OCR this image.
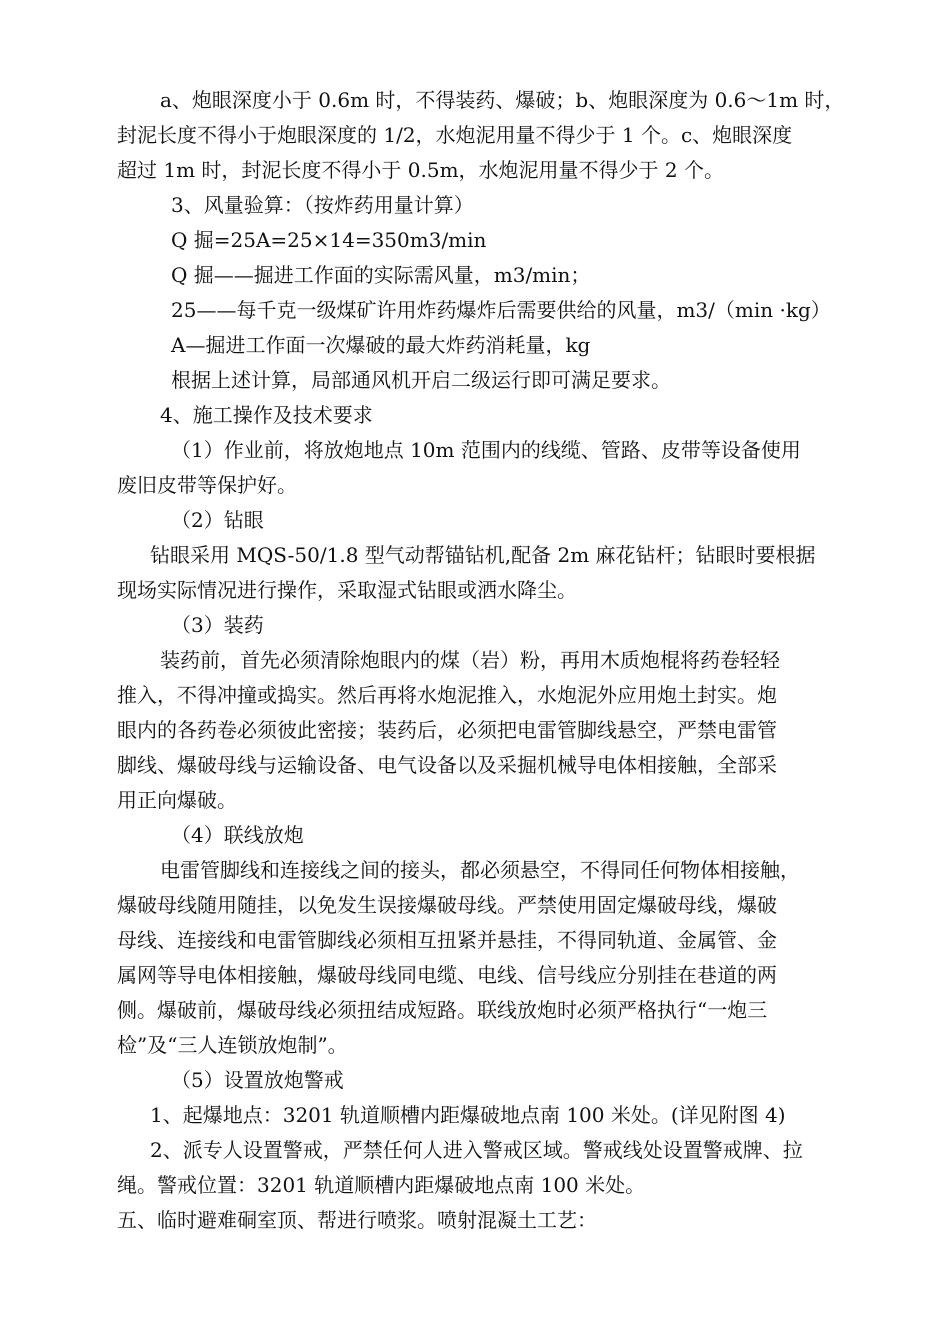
a、炮眼深度小于 0.6m 时，不得装药、爆破；b、炮眼深度为 0.6～1m 时，
封泥长度不得小于炮眼深度的 1/2，水炮泥用量不得少于 1 个。c、炮眼深度
超过 1m 时，封泥长度不得小于 0.5m，水炮泥用量不得少于 2 个。
3、风量验算：（按炸药用量计算）
Q 掘=25A=25×14=350m3/min
Q 掘——掘进工作面的实际需风量，m3/min；
25——每千克一级煤矿许用炸药爆炸后需要供给的风量，m3/（min ·kg）
A—掘进工作面一次爆破的最大炸药消耗量，kg
根据上述计算，局部通风机开启二级运行即可满足要求。
4、施工操作及技术要求
（1）作业前，将放炮地点 10m 范围内的线缆、管路、皮带等设备使用
废旧皮带等保护好。
（2）钻眼
钻眼采用 MQS-50/1.8 型气动帮锚钻机,配备 2m 麻花钻杆；钻眼时要根据
现场实际情况进行操作，采取湿式钻眼或洒水降尘。
（3）装药
装药前，首先必须清除炮眼内的煤（岩）粉，再用木质炮棍将药卷轻轻
推入，不得冲撞或捣实。然后再将水炮泥推入，水炮泥外应用炮土封实。炮
眼内的各药卷必须彼此密接；装药后，必须把电雷管脚线悬空，严禁电雷管
脚线、爆破母线与运输设备、电气设备以及采掘机械导电体相接触，全部采
用正向爆破。
（4）联线放炮
电雷管脚线和连接线之间的接头，都必须悬空，不得同任何物体相接触，
爆破母线随用随挂，以免发生误接爆破母线。严禁使用固定爆破母线，爆破
母线、连接线和电雷管脚线必须相互扭紧并悬挂，不得同轨道、金属管、金
属网等导电体相接触，爆破母线同电缆、电线、信号线应分别挂在巷道的两
侧。爆破前，爆破母线必须扭结成短路。联线放炮时必须严格执行“一炮三
检”及“三人连锁放炮制”。
（5）设置放炮警戒
1、起爆地点：3201 轨道顺槽内距爆破地点南 100 米处。(详见附图 4)
2、派专人设置警戒，严禁任何人进入警戒区域。警戒线处设置警戒牌、拉
绳。警戒位置：3201 轨道顺槽内距爆破地点南 100 米处。
五、临时避难硐室顶、帮进行喷浆。喷射混凝土工艺：
